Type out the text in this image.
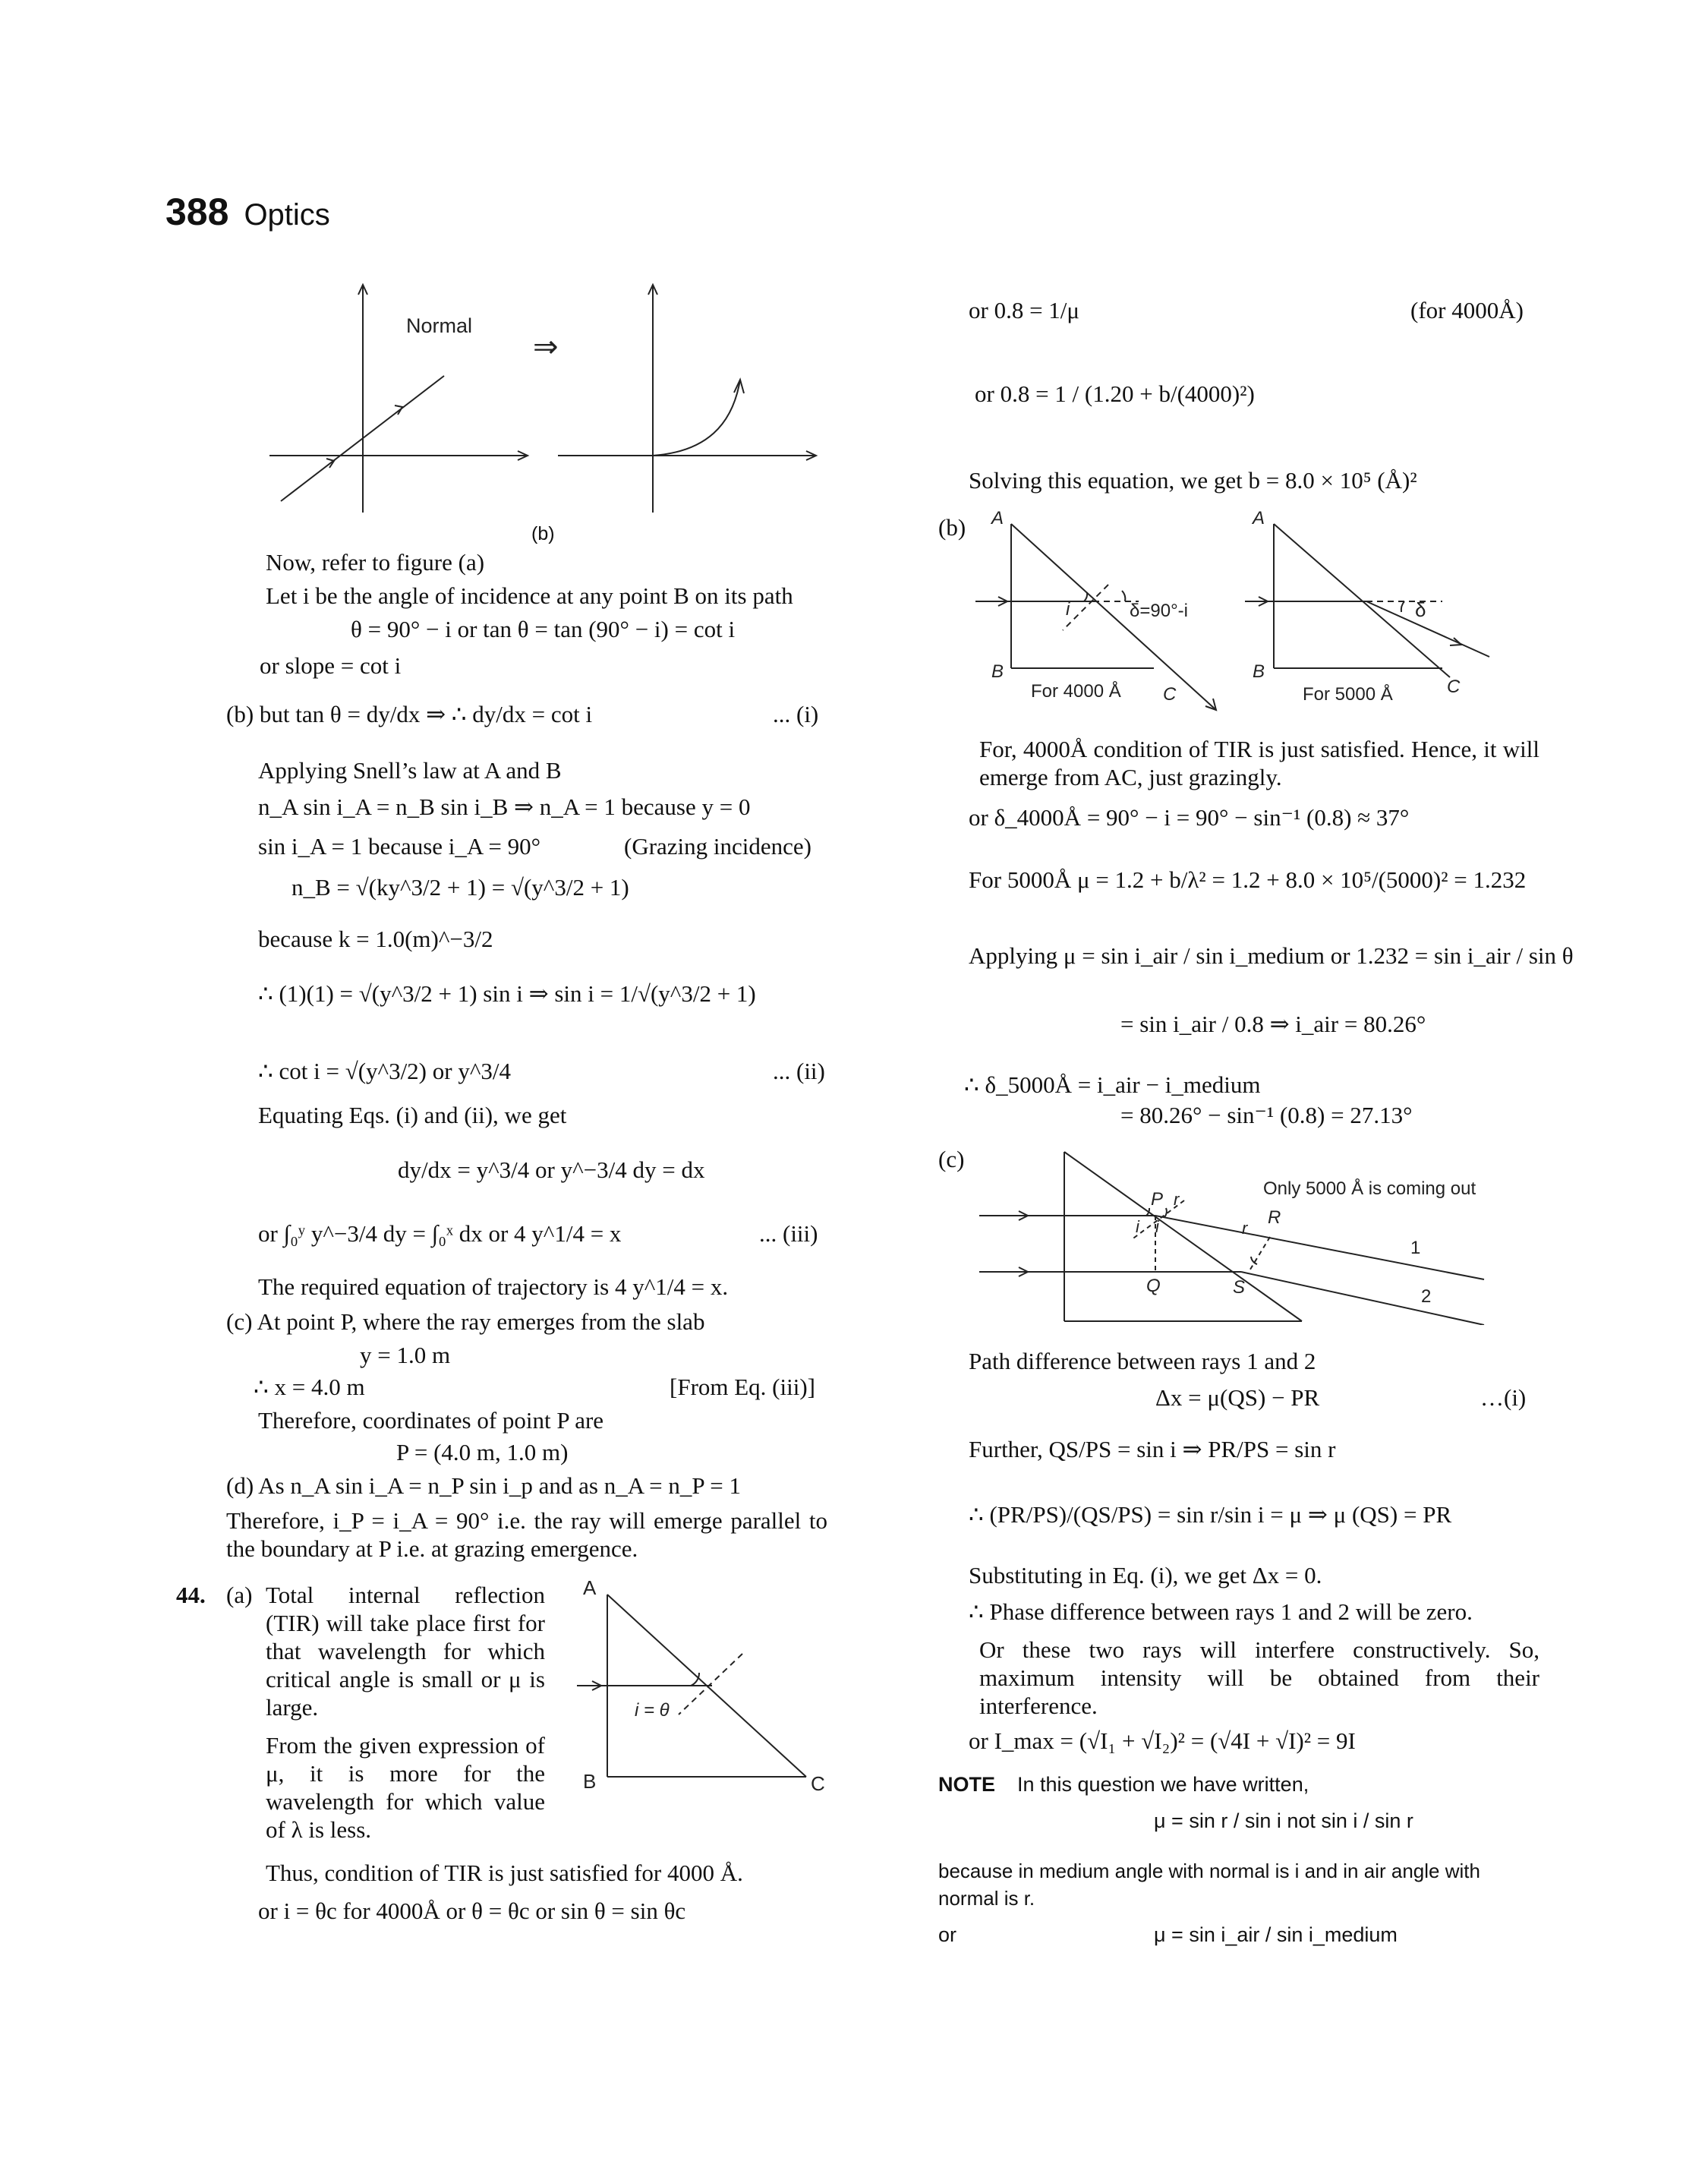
388 Optics
Normal
⇒
(b)
Now, refer to figure (a)
Let i be the angle of incidence at any point B on its path
θ = 90° − i or tan θ = tan (90° − i) = cot i
or slope = cot i
(b) but tan θ = dy/dx ⇒ ∴ dy/dx = cot i	... (i)
Applying Snell’s law at A and B
n_A sin i_A = n_B sin i_B ⇒ n_A = 1 because y = 0
sin i_A = 1 because i_A = 90°	(Grazing incidence)
n_B = √(ky^3/2 + 1) = √(y^3/2 + 1)
because k = 1.0(m)^−3/2
∴ (1)(1) = √(y^3/2 + 1) sin i ⇒ sin i = 1/√(y^3/2 + 1)
∴ cot i = √(y^3/2) or y^3/4	... (ii)
Equating Eqs. (i) and (ii), we get
dy/dx = y^3/4 or y^−3/4 dy = dx
or ∫₀ʸ y^−3/4 dy = ∫₀ˣ dx or 4 y^1/4 = x	... (iii)
The required equation of trajectory is 4 y^1/4 = x.
(c) At point P, where the ray emerges from the slab
y = 1.0 m
∴ x = 4.0 m	[From Eq. (iii)]
Therefore, coordinates of point P are
P = (4.0 m, 1.0 m)
(d) As n_A sin i_A = n_P sin i_p and as n_A = n_P = 1
Therefore, i_P = i_A = 90° i.e. the ray will emerge parallel to the boundary at P i.e. at grazing emergence.
44. (a) Total internal reflection (TIR) will take place first for that wavelength for which critical angle is small or μ is large.
From the given expression of μ, it is more for the wavelength for which value of λ is less.
A
B	C
i = θ
Thus, condition of TIR is just satisfied for 4000 Å.
or i = θc for 4000Å or θ = θc or sin θ = sin θc
or 0.8 = 1/μ	(for 4000Å)
or 0.8 = 1 / (1.20 + b/(4000)²)
Solving this equation, we get b = 8.0 × 10⁵ (Å)²
(b) A
B
C
i	δ=90°-i
For 4000 Å
A
B
C
δ
For 5000 Å
For, 4000Å condition of TIR is just satisfied. Hence, it will emerge from AC, just grazingly.
or δ_4000Å = 90° − i = 90° − sin⁻¹ (0.8) ≈ 37°
For 5000Å μ = 1.2 + b/λ² = 1.2 + 8.0 × 10⁵/(5000)² = 1.232
Applying μ = sin i_air / sin i_medium or 1.232 = sin i_air / sin θ
= sin i_air / 0.8 ⇒ i_air = 80.26°
∴ δ_5000Å = i_air − i_medium
= 80.26° − sin⁻¹ (0.8) = 27.13°
(c)
P r
i i
Q	S
r
R
1
2
Only 5000 Å is coming out
Path difference between rays 1 and 2
Δx = μ(QS) − PR	…(i)
Further, QS/PS = sin i ⇒ PR/PS = sin r
∴ (PR/PS)/(QS/PS) = sin r/sin i = μ ⇒ μ (QS) = PR
Substituting in Eq. (i), we get Δx = 0.
∴ Phase difference between rays 1 and 2 will be zero.
Or these two rays will interfere constructively. So, maximum intensity will be obtained from their interference.
or I_max = (√I₁ + √I₂)² = (√4I + √I)² = 9I
NOTE In this question we have written,
μ = sin r / sin i not sin i / sin r
because in medium angle with normal is i and in air angle with normal is r.
or	μ = sin i_air / sin i_medium
